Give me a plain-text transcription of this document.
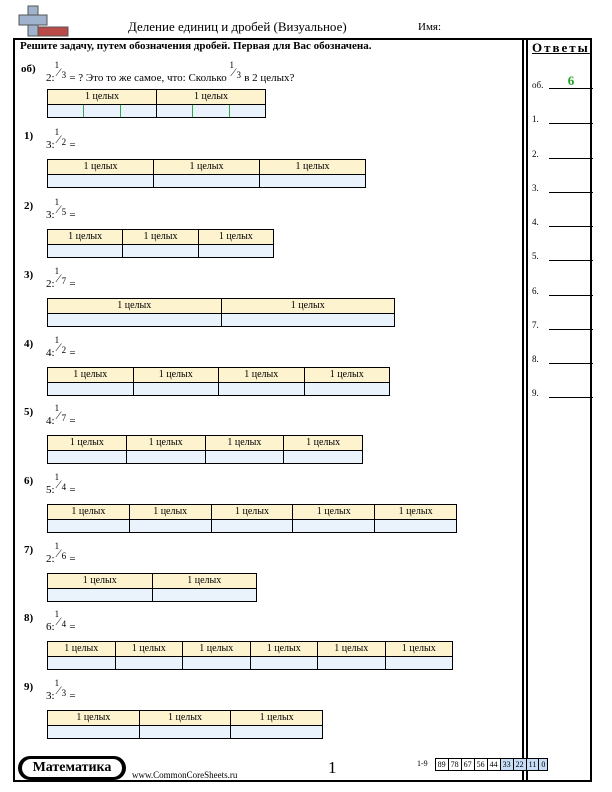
Деление единиц и дробей (Визуальное)	Имя:
Решите задачу, путем обозначения дробей. Первая для Вас обозначена.
об)
2:
1
⁄ 3 = ? Это то же самое, что: Сколько
1
⁄ 3 в 2 целых?
1 целых	1 целых
1)
3:
1
⁄ 2 =
1 целых	1 целых	1 целых
2)
3:
1
⁄ 5 =
1 целых	1 целых	1 целых
3)
2:
1
⁄ 7 =
1 целых	1 целых
4)
4:
1
⁄ 2 =
1 целых	1 целых	1 целых	1 целых
5)
4:
1
⁄ 7 =
1 целых	1 целых	1 целых	1 целых
6)
5:
1
⁄ 4 =
1 целых	1 целых	1 целых	1 целых	1 целых
7)
2:
1
⁄ 6 =
1 целых	1 целых
8)
6:
1
⁄ 4 =
1 целых	1 целых	1 целых	1 целых	1 целых	1 целых
9)
3:
1
⁄ 3 =
1 целых	1 целых	1 целых
Ответы
об.	6
1.
2.
3.
4.
5.
6.
7.
8.
9.
Математика	www.CommonCoreSheets.ru	1	1-9	89 78 67 56 44 33 22 11 0
